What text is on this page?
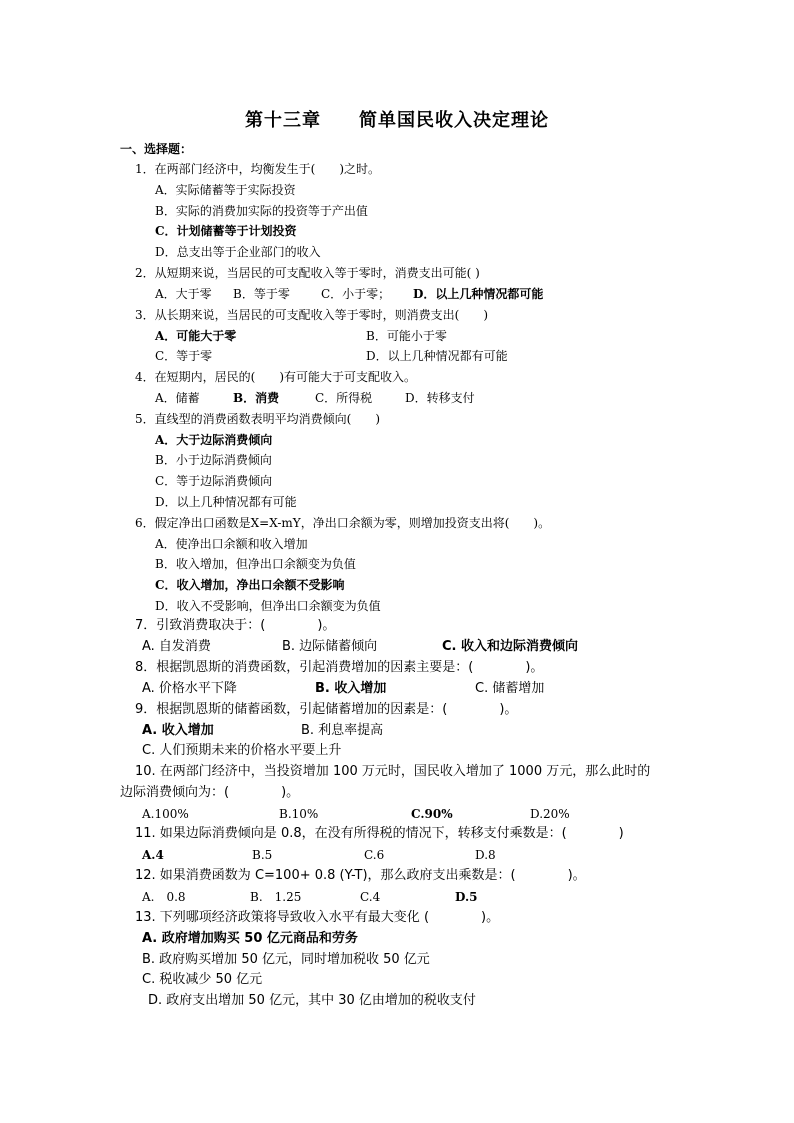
第十三章 简单国民收入决定理论
一、选择题：
1．在两部门经济中，均衡发生于(　　)之时。
A．实际储蓄等于实际投资
B．实际的消费加实际的投资等于产出值
C．计划储蓄等于计划投资
D．总支出等于企业部门的收入
2．从短期来说，当居民的可支配收入等于零时，消费支出可能( )
A．大于零 B．等于零	C．小于零； D．以上几种情况都可能
3．从长期来说，当居民的可支配收入等于零时，则消费支出(　　)
A．可能大于零	B．可能小于零
C．等于零	D．以上几种情况都有可能
4．在短期内，居民的(　　)有可能大于可支配收入。
A．储蓄	B．消费	C．所得税	D．转移支付
5．直线型的消费函数表明平均消费倾向(　　)
A．大于边际消费倾向
B．小于边际消费倾向
C．等于边际消费倾向
D．以上几种情况都有可能
6．假定净出口函数是X=X-mY，净出口余额为零，则增加投资支出将(　　)。
A．使净出口余额和收入增加
B．收入增加，但净出口余额变为负值
C．收入增加，净出口余额不受影响
D．收入不受影响，但净出口余额变为负值
7．引致消费取决于：(　　　　)。
A. 自发消费	B. 边际储蓄倾向	C. 收入和边际消费倾向
8．根据凯恩斯的消费函数，引起消费增加的因素主要是：(　　　　)。
A. 价格水平下降	B. 收入增加	C. 储蓄增加
9．根据凯恩斯的储蓄函数，引起储蓄增加的因素是：(　　　　)。
A. 收入增加	B. 利息率提高
C. 人们预期未来的价格水平要上升
10. 在两部门经济中，当投资增加 100 万元时，国民收入增加了 1000 万元，那么此时的
边际消费倾向为：(　　　　)。
A.100%	B.10%	C.90%	D.20%
11. 如果边际消费倾向是 0.8，在没有所得税的情况下，转移支付乘数是：(　　　　)
A.4	B.5	C.6	D.8
12. 如果消费函数为 C=100+ 0.8 (Y-T)，那么政府支出乘数是：(　　　　)。
A.　0.8	B.　1.25	C.4	D.5
13. 下列哪项经济政策将导致收入水平有最大变化 (　　　　)。
A. 政府增加购买 50 亿元商品和劳务
B. 政府购买增加 50 亿元，同时增加税收 50 亿元
C. 税收减少 50 亿元
D. 政府支出增加 50 亿元，其中 30 亿由增加的税收支付
